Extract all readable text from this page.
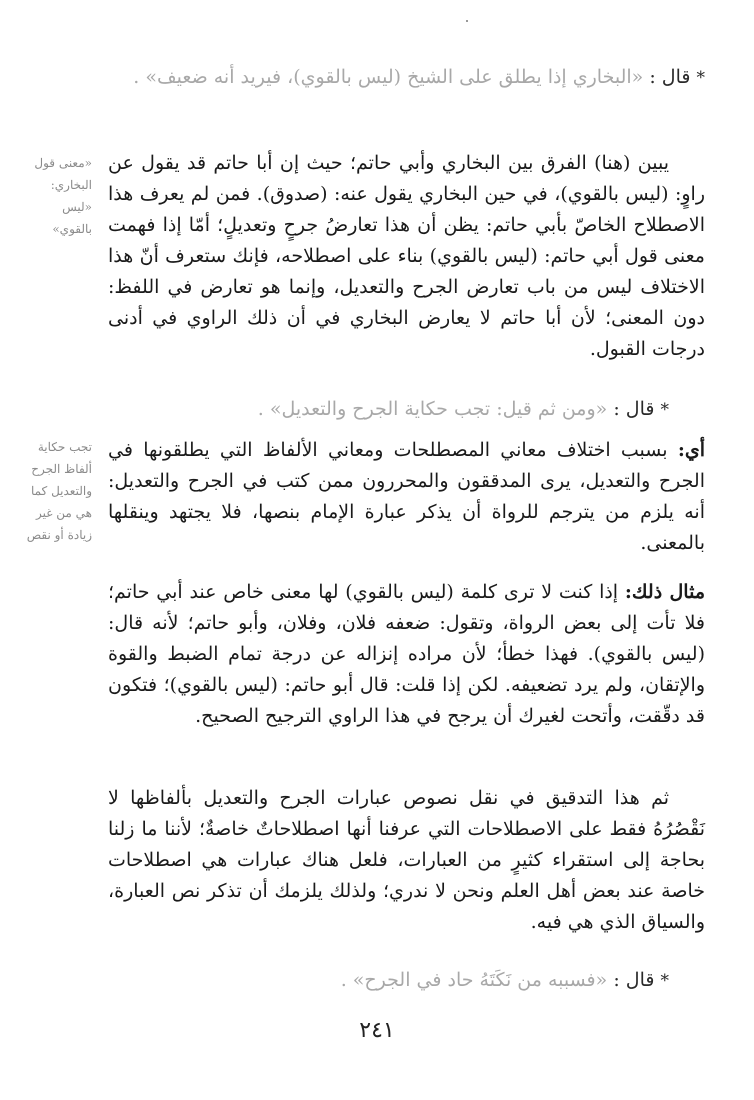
* قال : «البخاري إذا يطلق على الشيخ (ليس بالقوي)، فيريد أنه ضعيف» .

يبين (هنا) الفرق بين البخاري وأبي حاتم؛ حيث إن أبا حاتم قد يقول عن راوٍ: (ليس بالقوي)، في حين البخاري يقول عنه: (صدوق). فمن لم يعرف هذا الاصطلاح الخاصّ بأبي حاتم: يظن أن هذا تعارضُ جرحٍ وتعديلٍ؛ أمّا إذا فهمت معنى قول أبي حاتم: (ليس بالقوي) بناء على اصطلاحه، فإنك ستعرف أنّ هذا الاختلاف ليس من باب تعارض الجرح والتعديل، وإنما هو تعارض في اللفظ: دون المعنى؛ لأن أبا حاتم لا يعارض البخاري في أن ذلك الراوي في أدنى درجات القبول.

* قال : «ومن ثم قيل: تجب حكاية الجرح والتعديل» .

أي: بسبب اختلاف معاني المصطلحات ومعاني الألفاظ التي يطلقونها في الجرح والتعديل، يرى المدققون والمحررون ممن كتب في الجرح والتعديل: أنه يلزم من يترجم للرواة أن يذكر عبارة الإمام بنصها، فلا يجتهد وينقلها بالمعنى.

مثال ذلك: إذا كنت لا ترى كلمة (ليس بالقوي) لها معنى خاص عند أبي حاتم؛ فلا تأت إلى بعض الرواة، وتقول: ضعفه فلان، وفلان، وأبو حاتم؛ لأنه قال: (ليس بالقوي). فهذا خطأ؛ لأن مراده إنزاله عن درجة تمام الضبط والقوة والإتقان، ولم يرد تضعيفه. لكن إذا قلت: قال أبو حاتم: (ليس بالقوي)؛ فتكون قد دقّقت، وأتحت لغيرك أن يرجح في هذا الراوي الترجيح الصحيح.

ثم هذا التدقيق في نقل نصوص عبارات الجرح والتعديل بألفاظها لا نَقْصُرُهُ فقط على الاصطلاحات التي عرفنا أنها اصطلاحاتٌ خاصةٌ؛ لأننا ما زلنا بحاجة إلى استقراء كثيرٍ من العبارات، فلعل هناك عبارات هي اصطلاحات خاصة عند بعض أهل العلم ونحن لا ندري؛ ولذلك يلزمك أن تذكر نص العبارة، والسياق الذي هي فيه.

* قال : «فسببه من نَكَتَهُ حاد في الجرح» .

«معنى قول البخاري: «ليس بالقوي»
تجب حكاية ألفاظ الجرح والتعديل كما هي من غير زيادة أو نقص
٢٤١
